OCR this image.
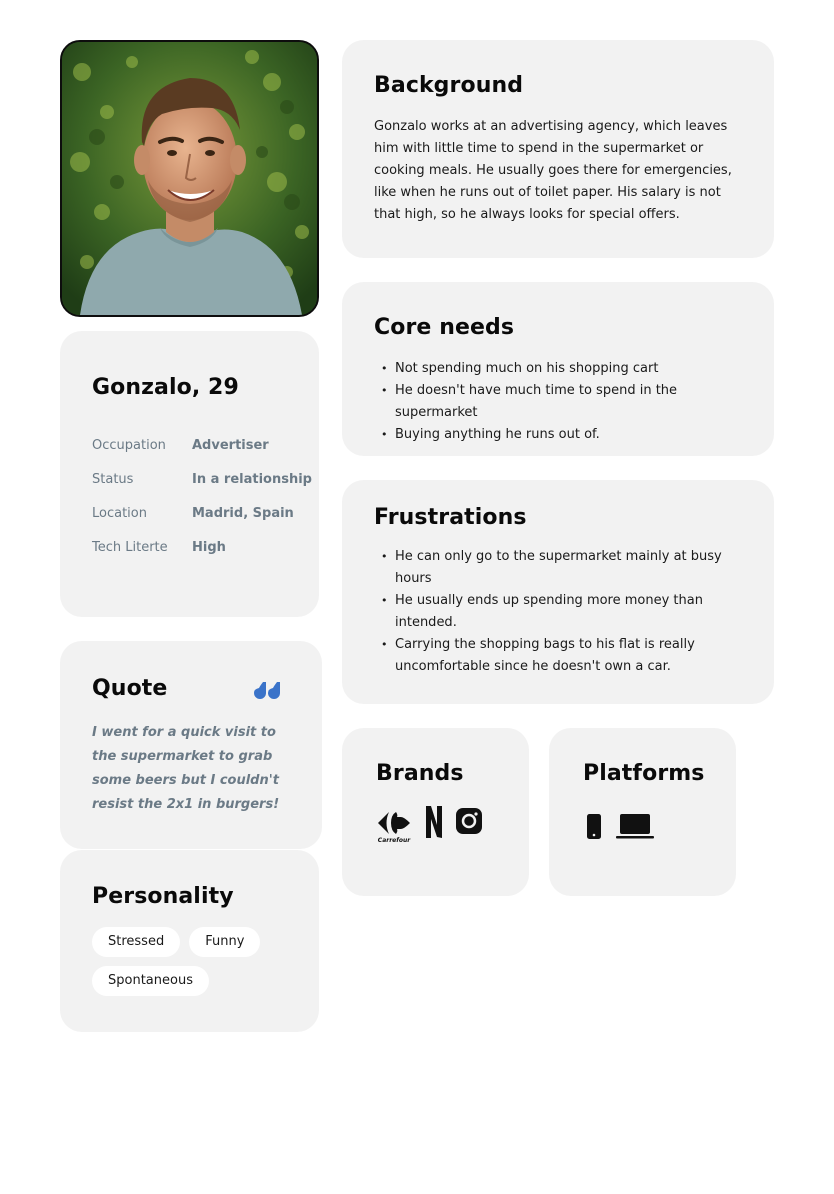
Gonzalo, 29
Occupation	Advertiser
Status	In a relationship
Location	Madrid, Spain
Tech Literte	High
Quote
I went for a quick visit to the supermarket to grab some beers but I couldn't resist the 2x1 in burgers!
Personality
Stressed	FunnySpontaneous
Background
Gonzalo works at an advertising agency, which leaves him with little time to spend in the supermarket or cooking meals. He usually goes there for emergencies, like when he runs out of toilet paper. His salary is not that high, so he always looks for special offers.
Core needs
• Not spending much on his shopping cart
• He doesn't have much time to spend in the supermarket
• Buying anything he runs out of.
Frustrations
• He can only go to the supermarket mainly at busy hours
• He usually ends up spending more money than intended.
• Carrying the shopping bags to his flat is really uncomfortable since he doesn't own a car.
Brands
Carrefour
Platforms
